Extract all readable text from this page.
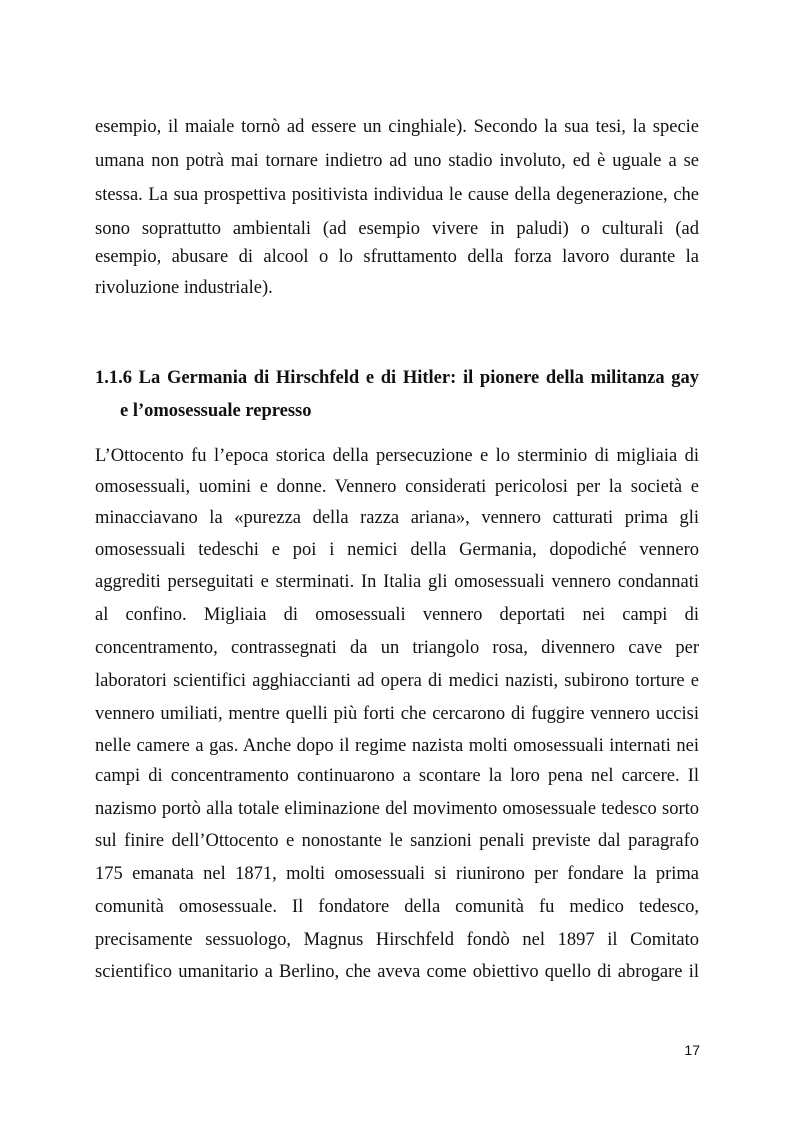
esempio, il maiale tornò ad essere un cinghiale). Secondo la sua tesi, la specie
umana non potrà mai tornare indietro ad uno stadio involuto, ed è uguale a se
stessa. La sua prospettiva positivista individua le cause della degenerazione, che
sono soprattutto ambientali (ad esempio vivere in paludi) o culturali (ad
esempio, abusare di alcool o lo sfruttamento della forza lavoro durante la
rivoluzione industriale).
1.1.6 La Germania di Hirschfeld e di Hitler: il pionere della militanza gay
e l’omosessuale represso
L’Ottocento fu l’epoca storica della persecuzione e lo sterminio di migliaia di
omosessuali, uomini e donne. Vennero considerati pericolosi per la società e
minacciavano la «purezza della razza ariana», vennero catturati prima gli
omosessuali tedeschi e poi i nemici della Germania, dopodiché vennero
aggrediti perseguitati e sterminati. In Italia gli omosessuali vennero condannati
al confino. Migliaia di omosessuali vennero deportati nei campi di
concentramento, contrassegnati da un triangolo rosa, divennero cave per
laboratori scientifici agghiaccianti ad opera di medici nazisti, subirono torture e
vennero umiliati, mentre quelli più forti che cercarono di fuggire vennero uccisi
nelle camere a gas. Anche dopo il regime nazista molti omosessuali internati nei
campi di concentramento continuarono a scontare la loro pena nel carcere. Il
nazismo portò alla totale eliminazione del movimento omosessuale tedesco sorto
sul finire dell’Ottocento e nonostante le sanzioni penali previste dal paragrafo
175 emanata nel 1871, molti omosessuali si riunirono per fondare la prima
comunità omosessuale. Il fondatore della comunità fu medico tedesco,
precisamente sessuologo, Magnus Hirschfeld fondò nel 1897 il Comitato
scientifico umanitario a Berlino, che aveva come obiettivo quello di abrogare il
17
